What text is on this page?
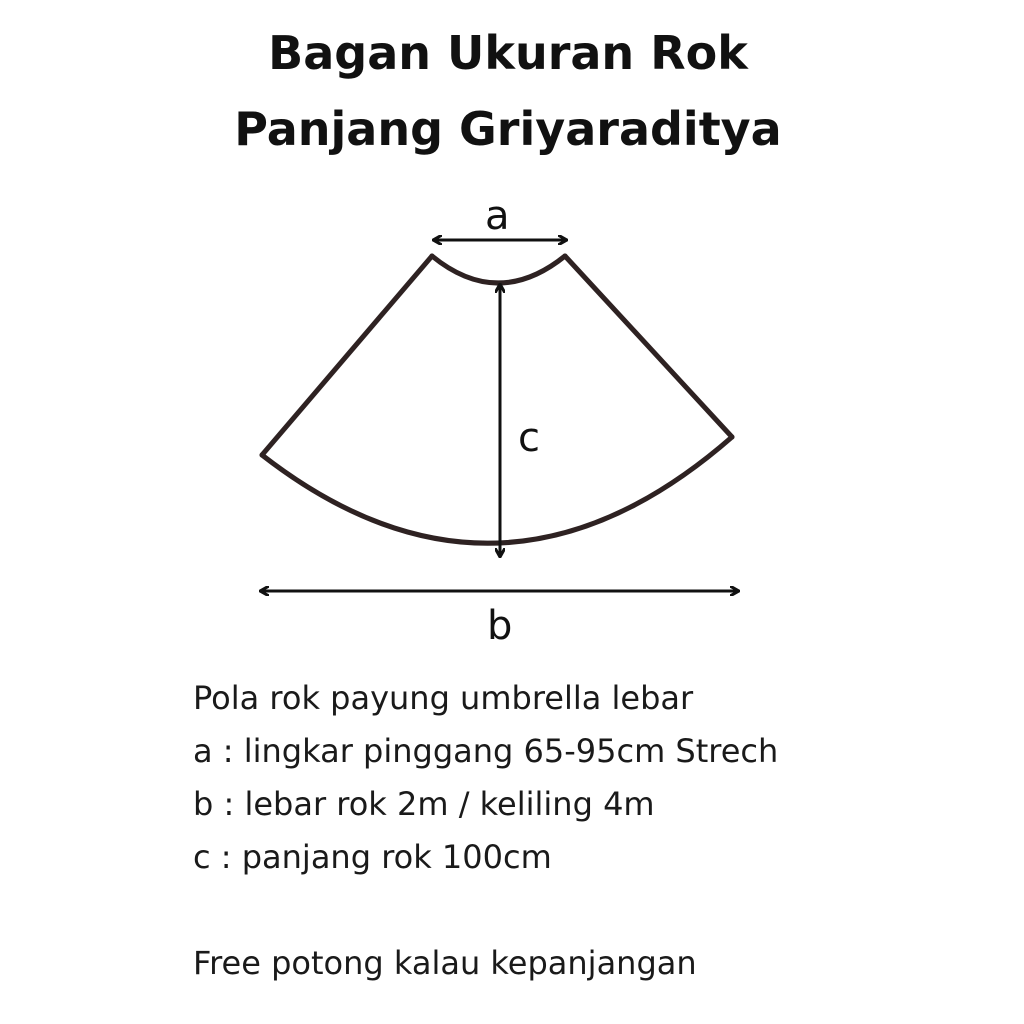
Bagan Ukuran Rok
Panjang Griyaraditya
a
c
b
Pola rok payung umbrella lebar
a : lingkar pinggang 65-95cm Strech
b : lebar rok 2m / keliling 4m
c : panjang rok 100cm
Free potong kalau kepanjangan
